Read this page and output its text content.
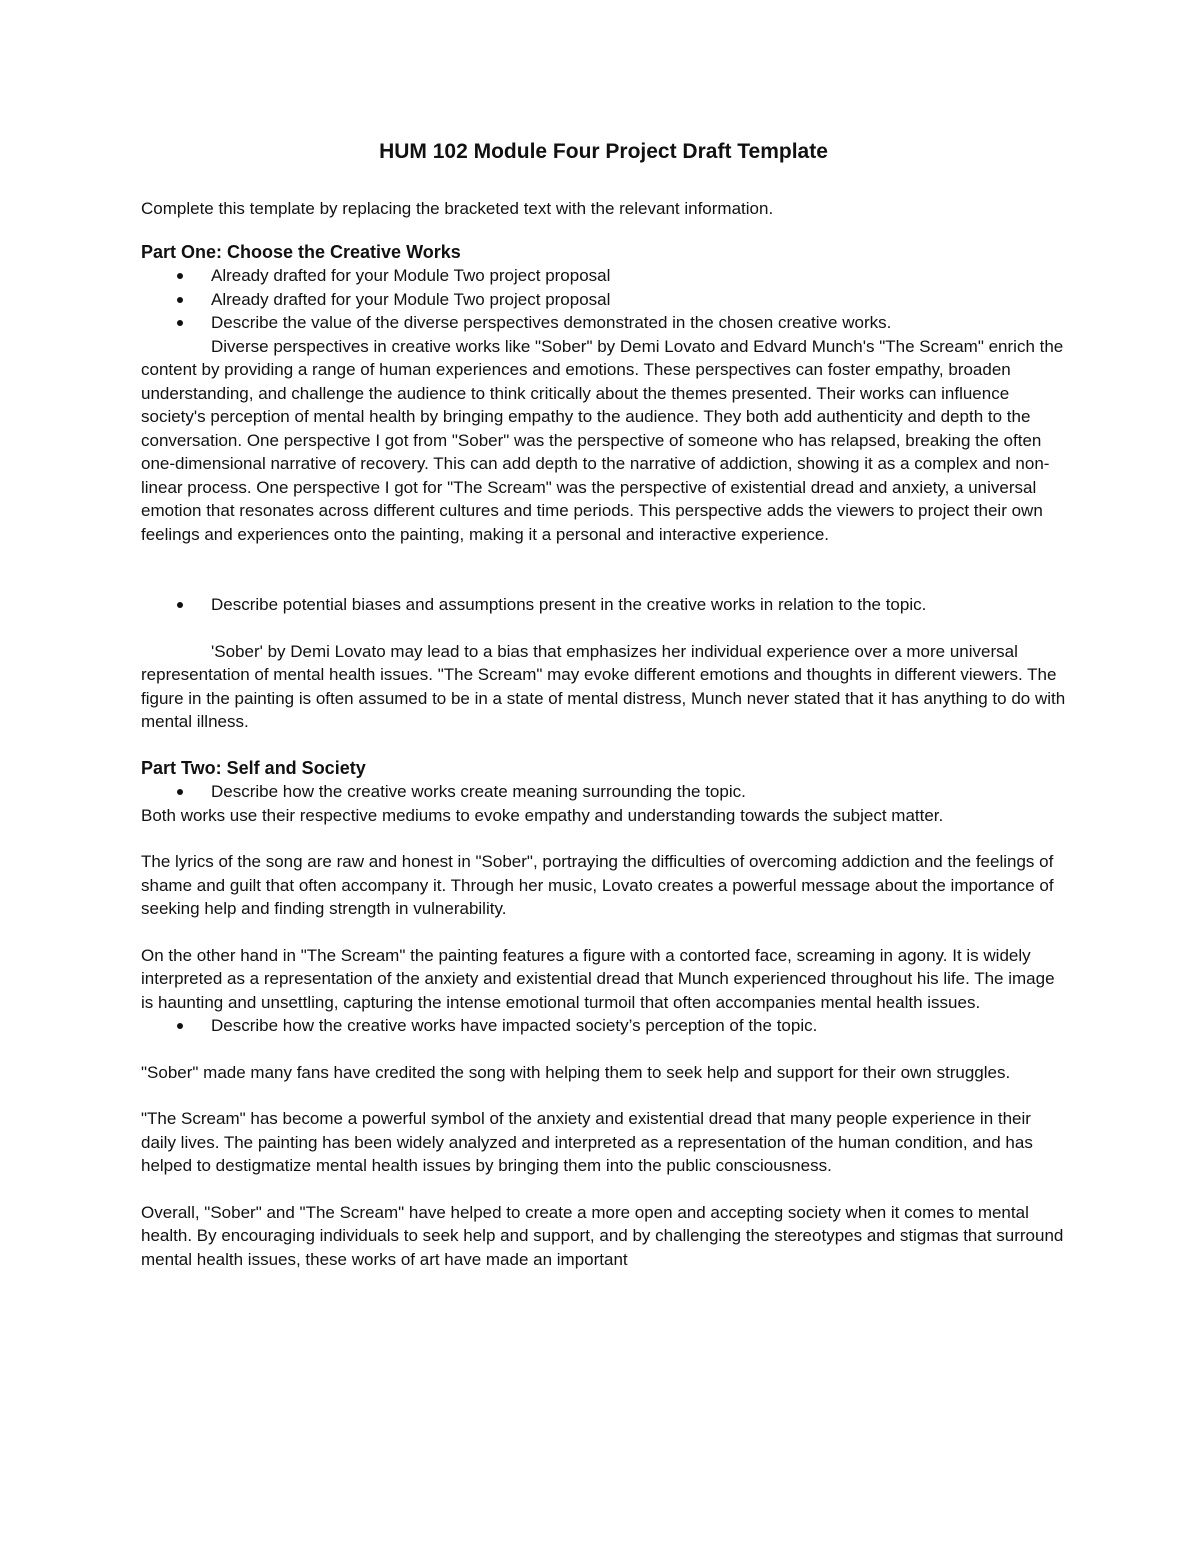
HUM 102 Module Four Project Draft Template

Complete this template by replacing the bracketed text with the relevant information.

Part One: Choose the Creative Works
Already drafted for your Module Two project proposal
Already drafted for your Module Two project proposal
Describe the value of the diverse perspectives demonstrated in the chosen creative works.

Diverse perspectives in creative works like "Sober" by Demi Lovato and Edvard Munch's "The Scream" enrich the content by providing a range of human experiences and emotions. These perspectives can foster empathy, broaden understanding, and challenge the audience to think critically about the themes presented. Their works can influence society's perception of mental health by bringing empathy to the audience. They both add authenticity and depth to the conversation. One perspective I got from "Sober" was the perspective of someone who has relapsed, breaking the often one-dimensional narrative of recovery. This can add depth to the narrative of addiction, showing it as a complex and non-linear process. One perspective I got for "The Scream" was the perspective of existential dread and anxiety, a universal emotion that resonates across different cultures and time periods. This perspective adds the viewers to project their own feelings and experiences onto the painting, making it a personal and interactive experience.

Describe potential biases and assumptions present in the creative works in relation to the topic.

'Sober' by Demi Lovato may lead to a bias that emphasizes her individual experience over a more universal representation of mental health issues. "The Scream" may evoke different emotions and thoughts in different viewers. The figure in the painting is often assumed to be in a state of mental distress, Munch never stated that it has anything to do with mental illness.

Part Two: Self and Society
Describe how the creative works create meaning surrounding the topic.

Both works use their respective mediums to evoke empathy and understanding towards the subject matter.

The lyrics of the song are raw and honest in "Sober", portraying the difficulties of overcoming addiction and the feelings of shame and guilt that often accompany it. Through her music, Lovato creates a powerful message about the importance of seeking help and finding strength in vulnerability.

On the other hand in "The Scream" the painting features a figure with a contorted face, screaming in agony. It is widely interpreted as a representation of the anxiety and existential dread that Munch experienced throughout his life. The image is haunting and unsettling, capturing the intense emotional turmoil that often accompanies mental health issues.

Describe how the creative works have impacted society’s perception of the topic.

"Sober" made many fans have credited the song with helping them to seek help and support for their own struggles.

"The Scream" has become a powerful symbol of the anxiety and existential dread that many people experience in their daily lives. The painting has been widely analyzed and interpreted as a representation of the human condition, and has helped to destigmatize mental health issues by bringing them into the public consciousness.

Overall, "Sober" and "The Scream" have helped to create a more open and accepting society when it comes to mental health. By encouraging individuals to seek help and support, and by challenging the stereotypes and stigmas that surround mental health issues, these works of art have made an important
